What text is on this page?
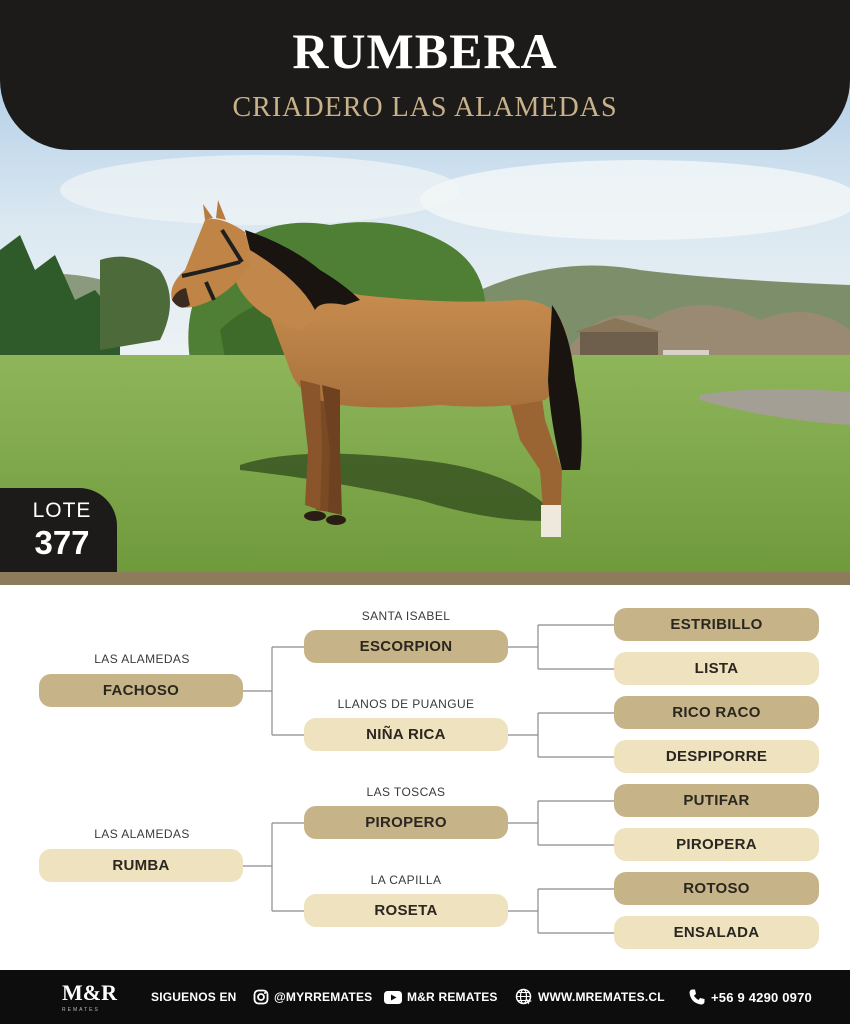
RUMBERA
CRIADERO LAS ALAMEDAS
LOTE
377
LAS ALAMEDAS
FACHOSO
LAS ALAMEDAS
RUMBA
SANTA ISABEL
ESCORPION
LLANOS DE PUANGUE
NIÑA RICA
LAS TOSCAS
PIROPERO
LA CAPILLA
ROSETA
ESTRIBILLO
LISTA
RICO RACO
DESPIPORRE
PUTIFAR
PIROPERA
ROTOSO
ENSALADA
M&R
REMATES
SIGUENOS EN	@MYRREMATES	M&R REMATES	WWW.MREMATES.CL	+56 9 4290 0970
